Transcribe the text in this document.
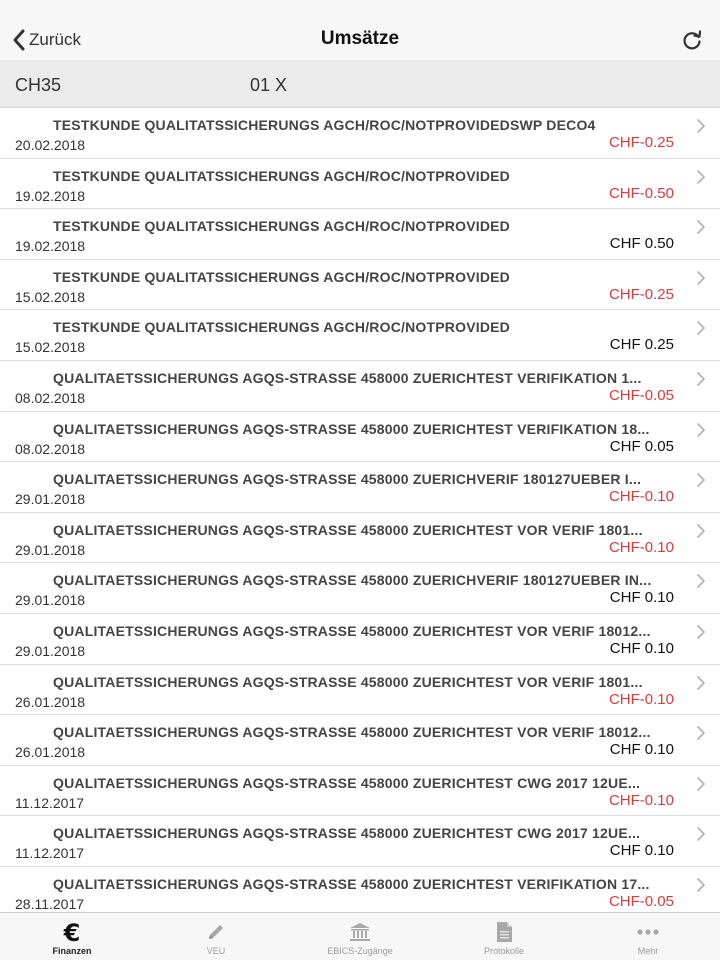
Zurück	Umsätze
CH35	01 X
TESTKUNDE QUALITATSSICHERUNGS AGCH/ROC/NOTPROVIDEDSWP DECO4
20.02.2018	CHF-0.25
TESTKUNDE QUALITATSSICHERUNGS AGCH/ROC/NOTPROVIDED
19.02.2018	CHF-0.50
TESTKUNDE QUALITATSSICHERUNGS AGCH/ROC/NOTPROVIDED
19.02.2018	CHF 0.50
TESTKUNDE QUALITATSSICHERUNGS AGCH/ROC/NOTPROVIDED
15.02.2018	CHF-0.25
TESTKUNDE QUALITATSSICHERUNGS AGCH/ROC/NOTPROVIDED
15.02.2018	CHF 0.25
QUALITAETSSICHERUNGS AGQS-STRASSE 458000 ZUERICHTEST VERIFIKATION 1...
08.02.2018	CHF-0.05
QUALITAETSSICHERUNGS AGQS-STRASSE 458000 ZUERICHTEST VERIFIKATION 18...
08.02.2018	CHF 0.05
QUALITAETSSICHERUNGS AGQS-STRASSE 458000 ZUERICHVERIF 180127UEBER I...
29.01.2018	CHF-0.10
QUALITAETSSICHERUNGS AGQS-STRASSE 458000 ZUERICHTEST VOR VERIF 1801...
29.01.2018	CHF-0.10
QUALITAETSSICHERUNGS AGQS-STRASSE 458000 ZUERICHVERIF 180127UEBER IN...
29.01.2018	CHF 0.10
QUALITAETSSICHERUNGS AGQS-STRASSE 458000 ZUERICHTEST VOR VERIF 18012...
29.01.2018	CHF 0.10
QUALITAETSSICHERUNGS AGQS-STRASSE 458000 ZUERICHTEST VOR VERIF 1801...
26.01.2018	CHF-0.10
QUALITAETSSICHERUNGS AGQS-STRASSE 458000 ZUERICHTEST VOR VERIF 18012...
26.01.2018	CHF 0.10
QUALITAETSSICHERUNGS AGQS-STRASSE 458000 ZUERICHTEST CWG 2017 12UE...
11.12.2017	CHF-0.10
QUALITAETSSICHERUNGS AGQS-STRASSE 458000 ZUERICHTEST CWG 2017 12UE...
11.12.2017	CHF 0.10
QUALITAETSSICHERUNGS AGQS-STRASSE 458000 ZUERICHTEST VERIFIKATION 17...
28.11.2017	CHF-0.05
€
Finanzen	VEU	EBICS-Zugänge	Protokolle	Mehr
